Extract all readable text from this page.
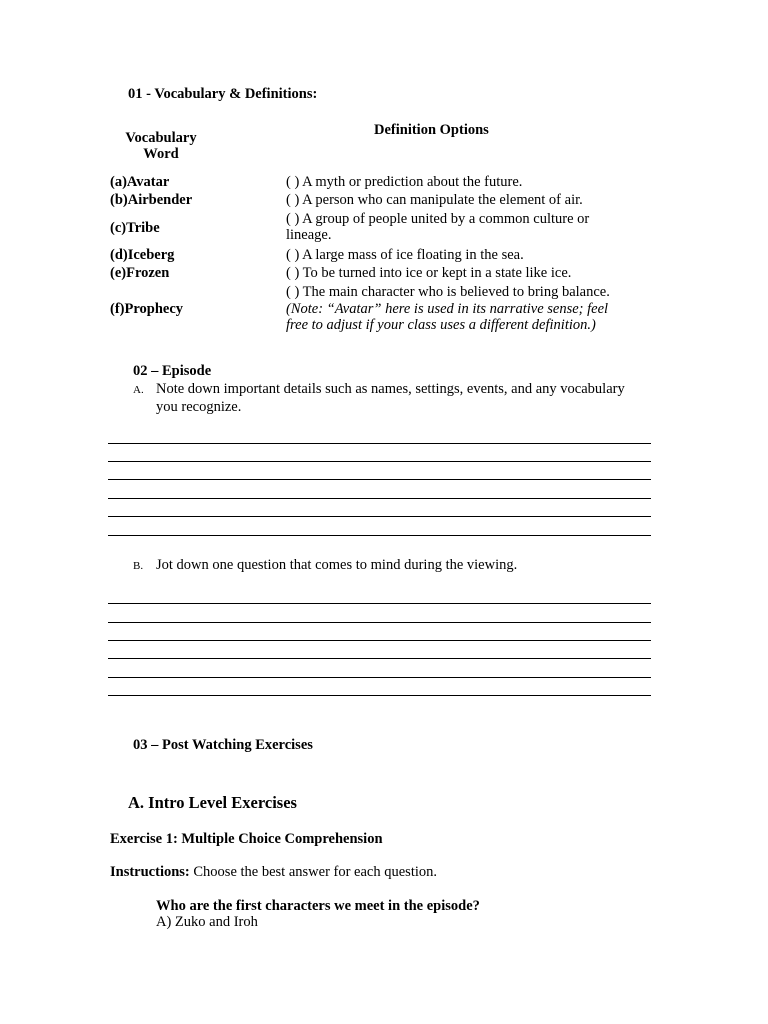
01 - Vocabulary & Definitions:
Vocabulary
Word
Definition Options
(a)Avatar
(b)Airbender
(c)Tribe
(d)Iceberg
(e)Frozen
(f)Prophecy
( ) A myth or prediction about the future.
( ) A person who can manipulate the element of air.
( ) A group of people united by a common culture or
lineage.
( ) A large mass of ice floating in the sea.
( ) To be turned into ice or kept in a state like ice.
( ) The main character who is believed to bring balance.
(Note: “Avatar” here is used in its narrative sense; feel
free to adjust if your class uses a different definition.)
02 – Episode
A. Note down important details such as names, settings, events, and any vocabulary
you recognize.
B. Jot down one question that comes to mind during the viewing.
03 – Post Watching Exercises
A. Intro Level Exercises
Exercise 1: Multiple Choice Comprehension
Instructions: Choose the best answer for each question.
Who are the first characters we meet in the episode?
A) Zuko and Iroh
